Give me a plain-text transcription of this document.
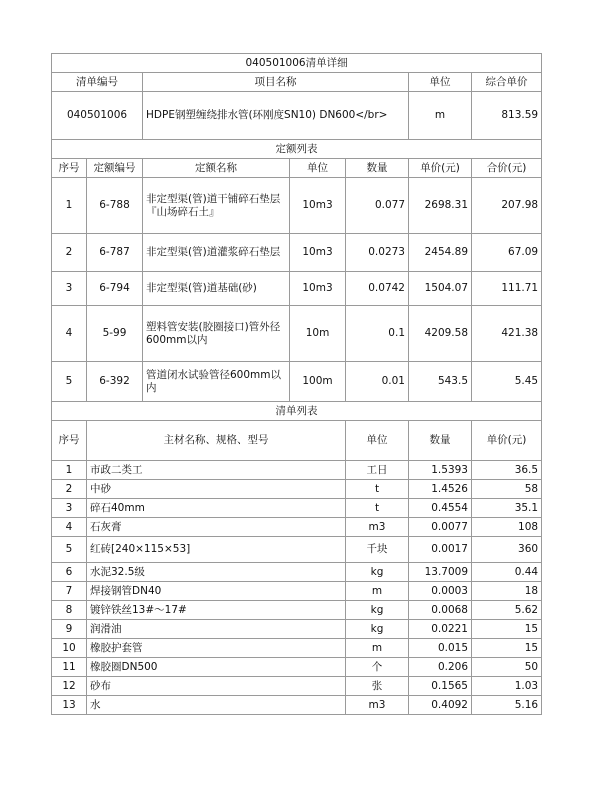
040501006清单详细							
清单编号		项目名称			单位	综合单价	
040501006		HDPE钢塑缠绕排水管(环刚度SN10) DN600</br>			m	813.59	
定额列表							
序号	定额编号	定额名称	单位	数量	单价(元)	合价(元)	
1	6-788	非定型渠(管)道干铺碎石垫层『山场碎石土』	10m3	0.077	2698.31	207.98	
2	6-787	非定型渠(管)道灌浆碎石垫层	10m3	0.0273	2454.89	67.09	
3	6-794	非定型渠(管)道基础(砂)	10m3	0.0742	1504.07	111.71	
4	5-99	塑料管安装(胶圈接口)管外径600mm以内	10m	0.1	4209.58	421.38	
5	6-392	管道闭水试验管径600mm以内	100m	0.01	543.5	5.45	
清单列表							
序号	主材名称、规格、型号			单位	数量	单价(元)	
1	市政二类工			工日	1.5393	36.5	
2	中砂			t	1.4526	58	
3	碎石40mm			t	0.4554	35.1	
4	石灰膏			m3	0.0077	108	
5	红砖[240×115×53]			千块	0.0017	360	
6	水泥32.5级			kg	13.7009	0.44	
7	焊接钢管DN40			m	0.0003	18	
8	镀锌铁丝13#～17#			kg	0.0068	5.62	
9	润滑油			kg	0.0221	15	
10	橡胶护套管			m	0.015	15	
11	橡胶圈DN500			个	0.206	50	
12	砂布			张	0.1565	1.03	
13	水			m3	0.4092	5.16	
